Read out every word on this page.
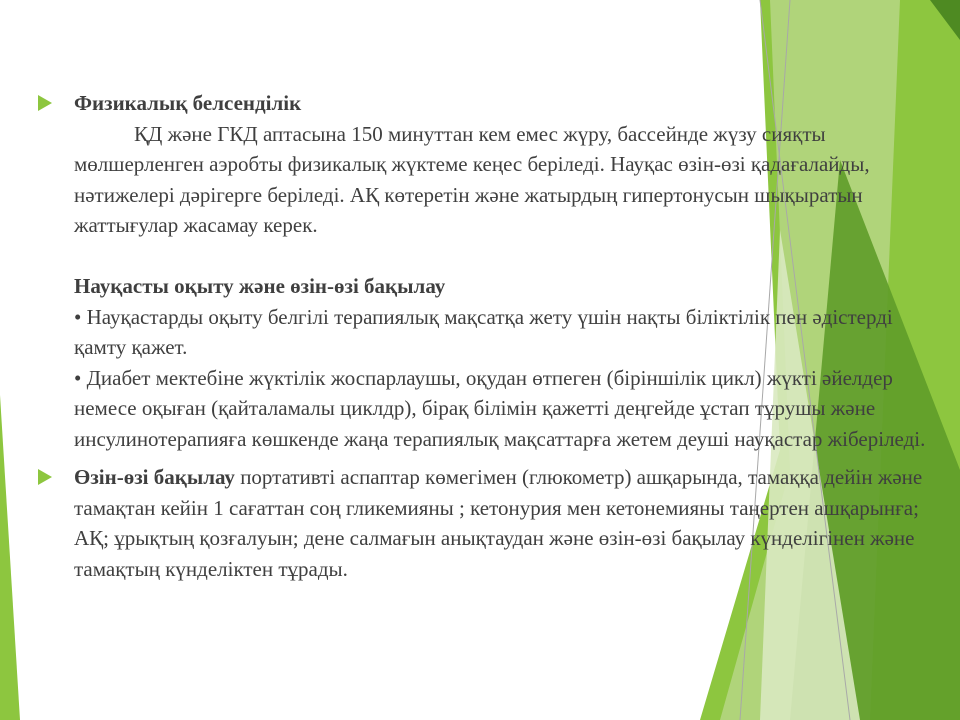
Физикалық белсенділік

ҚД және ГКД аптасына 150 минуттан кем емес жүру, бассейнде жүзу сияқты мөлшерленген аэробты физикалық жүктеме кеңес беріледі. Науқас өзін-өзі қадағалайды, нәтижелері дәрігерге беріледі. АҚ көтеретін және жатырдың гипертонусын шықыратын жаттығулар жасамау керек.

Науқасты оқыту және өзін-өзі бақылау

• Науқастарды оқыту белгілі терапиялық мақсатқа жету үшін нақты біліктілік пен әдістерді қамту қажет.

• Диабет мектебіне жүктілік жоспарлаушы, оқудан өтпеген (біріншілік цикл) жүкті әйелдер немесе оқыған (қайталамалы циклдр), бірақ білімін қажетті деңгейде ұстап тұрушы және инсулинотерапияға көшкенде жаңа терапиялық мақсаттарға жетем деуші науқастар жіберіледі.

Өзін-өзі бақылау портативті аспаптар көмегімен (глюкометр) ашқарында, тамаққа дейін және тамақтан кейін 1 сағаттан соң гликемияны ; кетонурия мен кетонемияны таңертен ашқарынға; АҚ; ұрықтың қозғалуын; дене салмағын анықтаудан және өзін-өзі бақылау күнделігінен және тамақтың күнделіктен тұрады.
